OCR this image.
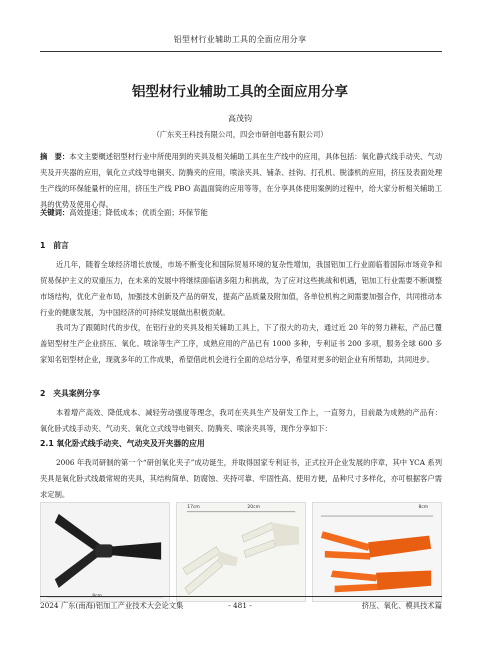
铝型材行业辅助工具的全面应用分享
铝型材行业辅助工具的全面应用分享
高茂钧
（广东夹王科技有限公司，四会市研创电器有限公司）
摘　要：本文主要概述铝型材行业中所使用到的夹具及相关辅助工具在生产线中的应用，具体包括：氧化静式线手动夹、气动夹及开夹器的应用，氧化立式线导电铜夹、防腾夹的应用，喷涂夹具、铺条、挂钩、打孔机、脱漆机的应用，挤压及表面处理生产线的环保能量杆的应用，挤压生产线 PBO 高温面筒的应用等等，在分享具体使用案例的过程中，给大家分析相关辅助工具的优势及使用心得。
关键词：高效提速；降低成本；优质全面；环保节能
1　前言
近几年，随着全球经济增长放缓，市场不断变化和国际贸易环境的复杂性增加，我国铝加工行业面临着国际市场竞争和贸易保护主义的双重压力，在未来的发展中将继续面临诸多阻力和挑战，为了应对这些挑战和机遇，铝加工行业需要不断调整市场结构，优化产业布局，加强技术创新及产品的研发，提高产品质量及附加值，各单位机构之间需要加强合作，共同推动本行业的健康发展，为中国经济的可持续发展做出积极贡献。
我司为了跟随时代的步伐，在铝行业的夹具及相关辅助工具上，下了很大的功夫，通过近 20 年的努力耕耘，产品已覆盖铝型材生产企业挤压、氧化、喷涂等生产工序，成熟应用的产品已有 1000 多种，专利证书 200 多项，服务全球 600 多家知名铝型材企业，现就多年的工作成果，希望借此机会进行全面的总结分享，希望对更多的铝企业有所帮助，共同进步。
2　夹具案例分享
本着增产高效、降低成本、减轻劳动强度等理念，我司在夹具生产及研发工作上，一直努力，目前最为成熟的产品有：氧化卧式线手动夹、气动夹、氧化立式线导电铜夹、防腾夹、喷涂夹具等，现作分享如下：
2.1 氧化卧式线手动夹、气动夹及开夹器的应用
2006 年我司研制的第一个“研创氧化夹子”成功诞生，并取得国家专利证书，正式拉开企业发展的序章，其中 YCA 系列夹具是氧化卧式线最常规的夹具，其结构简单、防腐蚀、夹持可靠、牢固性高、使用方便，品种尺寸多样化，亦可根据客户需求定制。
8cm
17cm	20cm	8cm
2024 广东(南海)铝加工产业技术大会论文集	- 481 -	挤压、氧化、模具技术篇
